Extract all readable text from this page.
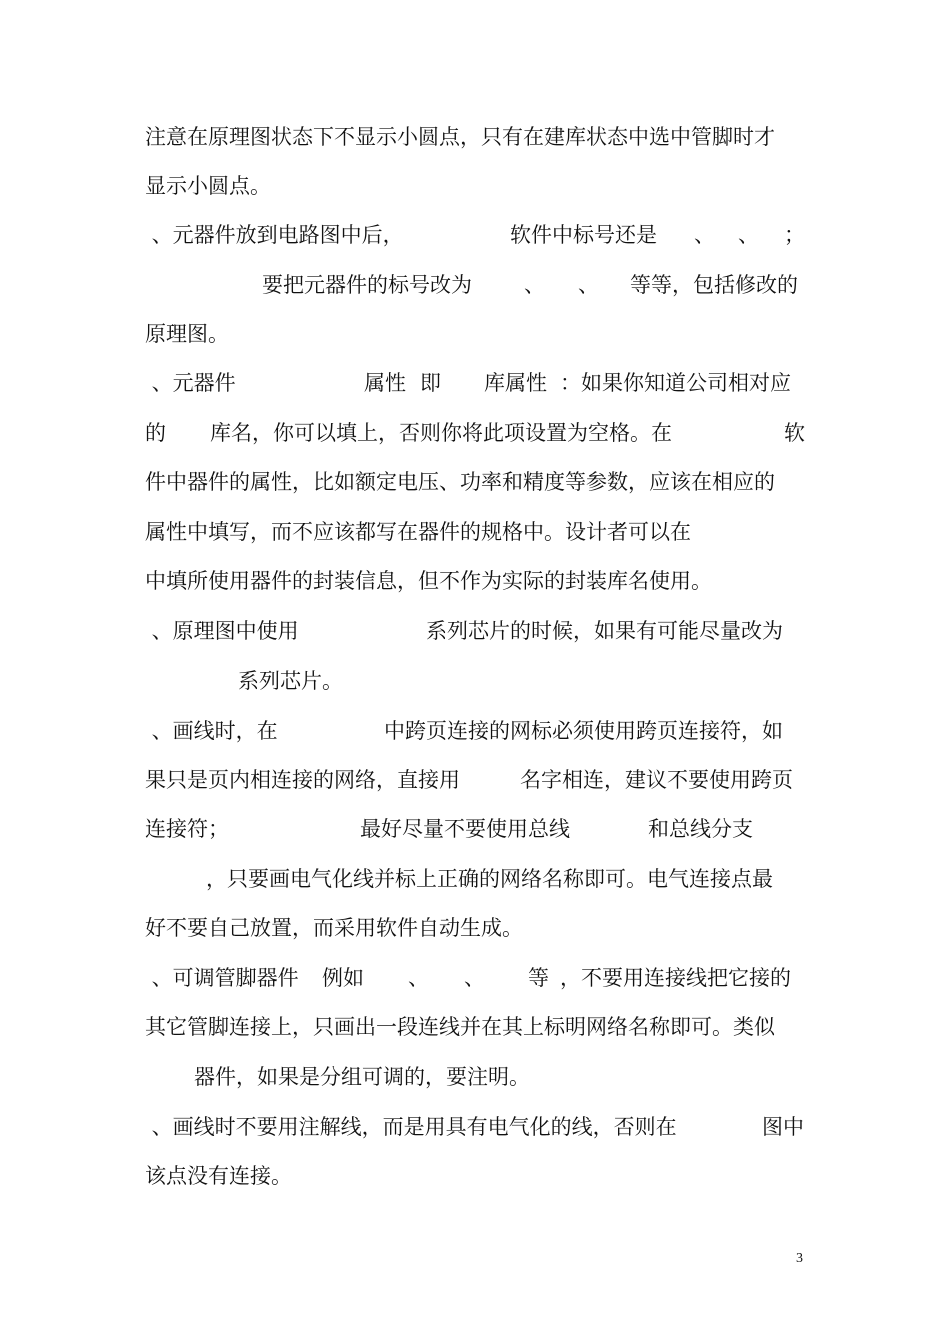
注意在原理图状态下不显示小圆点，只有在建库状态中选中管脚时才
显示小圆点。
、元器件放到电路图中后，	软件中标号还是 、 、 ；
要把元器件的标号改为 、 、 等等，包括修改的
原理图。
、元器件	属性 即 库属性 ：如果你知道公司相对应
的 库名，你可以填上，否则你将此项设置为空格。在	软
件中器件的属性，比如额定电压、功率和精度等参数，应该在相应的
属性中填写，而不应该都写在器件的规格中。设计者可以在
中填所使用器件的封装信息，但不作为实际的封装库名使用。
、原理图中使用	系列芯片的时候，如果有可能尽量改为
系列芯片。
、画线时，在	中跨页连接的网标必须使用跨页连接符，如
果只是页内相连接的网络，直接用	名字相连，建议不要使用跨页
连接符；	最好尽量不要使用总线	和总线分支
，只要画电气化线并标上正确的网络名称即可。电气连接点最
好不要自己放置，而采用软件自动生成。
、可调管脚器件 例如 、 、 等 ，不要用连接线把它接的
其它管脚连接上，只画出一段连线并在其上标明网络名称即可。类似
器件，如果是分组可调的，要注明。
、画线时不要用注解线，而是用具有电气化的线，否则在	图中
该点没有连接。
3
